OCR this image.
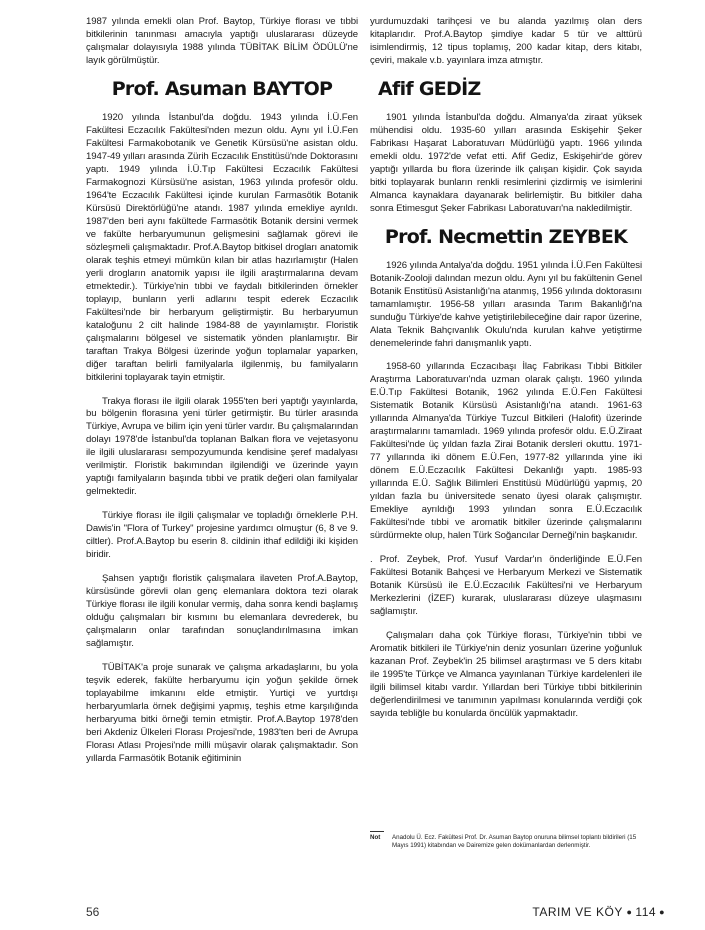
1987 yılında emekli olan Prof. Baytop, Türkiye florası ve tıbbi bitkilerinin tanınması amacıyla yaptığı uluslararası düzeyde çalışmalar dolayısıyla 1988 yılında TÜBİTAK BİLİM ÖDÜLÜ'ne layık görülmüştür.

Prof. Asuman BAYTOP

1920 yılında İstanbul'da doğdu. 1943 yılında İ.Ü.Fen Fakültesi Eczacılık Fakültesi'nden mezun oldu. Aynı yıl İ.Ü.Fen Fakültesi Farmakobotanik ve Genetik Kürsüsü'ne asistan oldu. 1947-49 yılları arasında Zürih Eczacılık Enstitüsü'nde Doktorasını yaptı. 1949 yılında İ.Ü.Tıp Fakültesi Eczacılık Fakültesi Farmakognozi Kürsüsü'ne asistan, 1963 yılında profesör oldu. 1964'te Eczacılık Fakültesi içinde kurulan Farmasötik Botanik Kürsüsü Direktörlüğü'ne atandı. 1987 yılında emekliye ayrıldı. 1987'den beri aynı fakültede Farmasötik Botanik dersini vermek ve fakülte herbaryumunun gelişmesini sağlamak görevi ile sözleşmeli çalışmaktadır. Prof.A.Baytop bitkisel drogları anatomik olarak teşhis etmeyi mümkün kılan bir atlas hazırlamıştır (Halen yerli drogların anatomik yapısı ile ilgili araştırmalarına devam etmektedir.). Türkiye'nin tıbbi ve faydalı bitkilerinden örnekler toplayıp, bunların yerli adlarını tespit ederek Eczacılık Fakültesi'nde bir herbaryum geliştirmiştir. Bu herbaryumun kataloğunu 2 cilt halinde 1984-88 de yayınlamıştır. Floristik çalışmalarını bölgesel ve sistematik yönden planlamıştır. Bir taraftan Trakya Bölgesi üzerinde yoğun toplamalar yaparken, diğer taraftan belirli familyalarla ilgilenmiş, bu familyaların bitkilerini toplayarak tayin etmiştir.

Trakya florası ile ilgili olarak 1955'ten beri yaptığı yayınlarda, bu bölgenin florasına yeni türler getirmiştir. Bu türler arasında Türkiye, Avrupa ve bilim için yeni türler vardır. Bu çalışmalarından dolayı 1978'de İstanbul'da toplanan Balkan flora ve vejetasyonu ile ilgili uluslararası sempozyumunda kendisine şeref madalyası verilmiştir. Floristik bakımından ilgilendiği ve üzerinde yayın yaptığı familyaların başında tıbbi ve pratik değeri olan familyalar gelmektedir.

Türkiye florası ile ilgili çalışmalar ve topladığı örneklerle P.H. Dawis'in "Flora of Turkey" projesine yardımcı olmuştur (6, 8 ve 9. ciltler). Prof.A.Baytop bu eserin 8. cildinin ithaf edildiği iki kişiden biridir.

Şahsen yaptığı floristik çalışmalara ilaveten Prof.A.Baytop, kürsüsünde görevli olan genç elemanlara doktora tezi olarak Türkiye florası ile ilgili konular vermiş, daha sonra kendi başlamış olduğu çalışmaları bir kısmını bu elemanlara devrederek, bu çalışmaların onlar tarafından sonuçlandırılmasına imkan sağlamıştır.

TÜBİTAK'a proje sunarak ve çalışma arkadaşlarını, bu yola teşvik ederek, fakülte herbaryumu için yoğun şekilde örnek toplayabilme imkanını elde etmiştir. Yurtiçi ve yurtdışı herbaryumlarla örnek değişimi yapmış, teşhis etme karşılığında herbaryuma bitki örneği temin etmiştir. Prof.A.Baytop 1978'den beri Akdeniz Ülkeleri Florası Projesi'nde, 1983'ten beri de Avrupa Florası Atlası Projesi'nde milli müşavir olarak çalışmaktadır. Son yıllarda Farmasötik Botanik eğitiminin

yurdumuzdaki tarihçesi ve bu alanda yazılmış olan ders kitaplarıdır. Prof.A.Baytop şimdiye kadar 5 tür ve alttürü isimlendirmiş, 12 tipus toplamış, 200 kadar kitap, ders kitabı, çeviri, makale v.b. yayınlara imza atmıştır.

Afif GEDİZ

1901 yılında İstanbul'da doğdu. Almanya'da ziraat yüksek mühendisi oldu. 1935-60 yılları arasında Eskişehir Şeker Fabrikası Haşarat Laboratuvarı Müdürlüğü yaptı. 1966 yılında emekli oldu. 1972'de vefat etti. Afif Gediz, Eskişehir'de görev yaptığı yıllarda bu flora üzerinde ilk çalışan kişidir. Çok sayıda bitki toplayarak bunların renkli resimlerini çizdirmiş ve isimlerini Almanca kaynaklara dayanarak belirlemiştir. Bu bitkiler daha sonra Etimesgut Şeker Fabrikası Laboratuvarı'na nakledilmiştir.

Prof. Necmettin ZEYBEK

1926 yılında Antalya'da doğdu. 1951 yılında İ.Ü.Fen Fakültesi Botanik-Zooloji dalından mezun oldu. Aynı yıl bu fakültenin Genel Botanik Enstitüsü Asistanlığı'na atanmış, 1956 yılında doktorasını tamamlamıştır. 1956-58 yılları arasında Tarım Bakanlığı'na sunduğu Türkiye'de kahve yetiştirilebileceğine dair rapor üzerine, Alata Teknik Bahçıvanlık Okulu'nda kurulan kahve yetiştirme denemelerinde fahri danışmanlık yaptı.

1958-60 yıllarında Eczacıbaşı İlaç Fabrikası Tıbbi Bitkiler Araştırma Laboratuvarı'nda uzman olarak çalıştı. 1960 yılında E.Ü.Tıp Fakültesi Botanik, 1962 yılında E.Ü.Fen Fakültesi Sistematik Botanik Kürsüsü Asistanlığı'na atandı. 1961-63 yıllarında Almanya'da Türkiye Tuzcul Bitkileri (Halofit) üzerinde araştırmalarını tamamladı. 1969 yılında profesör oldu. E.Ü.Ziraat Fakültesi'nde üç yıldan fazla Zirai Botanik dersleri okuttu. 1971-77 yıllarında iki dönem E.Ü.Fen, 1977-82 yıllarında yine iki dönem E.Ü.Eczacılık Fakültesi Dekanlığı yaptı. 1985-93 yıllarında E.Ü. Sağlık Bilimleri Enstitüsü Müdürlüğü yapmış, 20 yıldan fazla bu üniversitede senato üyesi olarak çalışmıştır. Emekliye ayrıldığı 1993 yılından sonra E.Ü.Eczacılık Fakültesi'nde tıbbi ve aromatik bitkiler üzerinde çalışmalarını sürdürmekte olup, halen Türk Soğancılar Derneği'nin başkanıdır.

. Prof. Zeybek, Prof. Yusuf Vardar'ın önderliğinde E.Ü.Fen Fakültesi Botanik Bahçesi ve Herbaryum Merkezi ve Sistematik Botanik Kürsüsü ile E.Ü.Eczacılık Fakültesi'ni ve Herbaryum Merkezlerini (İZEF) kurarak, uluslararası düzeye ulaşmasını sağlamıştır.

Çalışmaları daha çok Türkiye florası, Türkiye'nin tıbbi ve Aromatik bitkileri ile Türkiye'nin deniz yosunları üzerine yoğunluk kazanan Prof. Zeybek'in 25 bilimsel araştırması ve 5 ders kitabı ile 1995'te Türkçe ve Almanca yayınlanan Türkiye kardelenleri ile ilgili bilimsel kitabı vardır. Yıllardan beri Türkiye tıbbi bitkilerinin değerlendirilmesi ve tanımının yapılması konularında verdiği çok sayıda tebliğle bu konularda öncülük yapmaktadır.

Not	Anadolu Ü. Ecz. Fakültesi Prof. Dr. Asuman Baytop onuruna bilimsel toplantı bildirileri (15 Mayıs 1991) kitabından ve Dairemize gelen dokümanlardan derlenmiştir.
56	TARIM VE KÖY ● 114 ●
